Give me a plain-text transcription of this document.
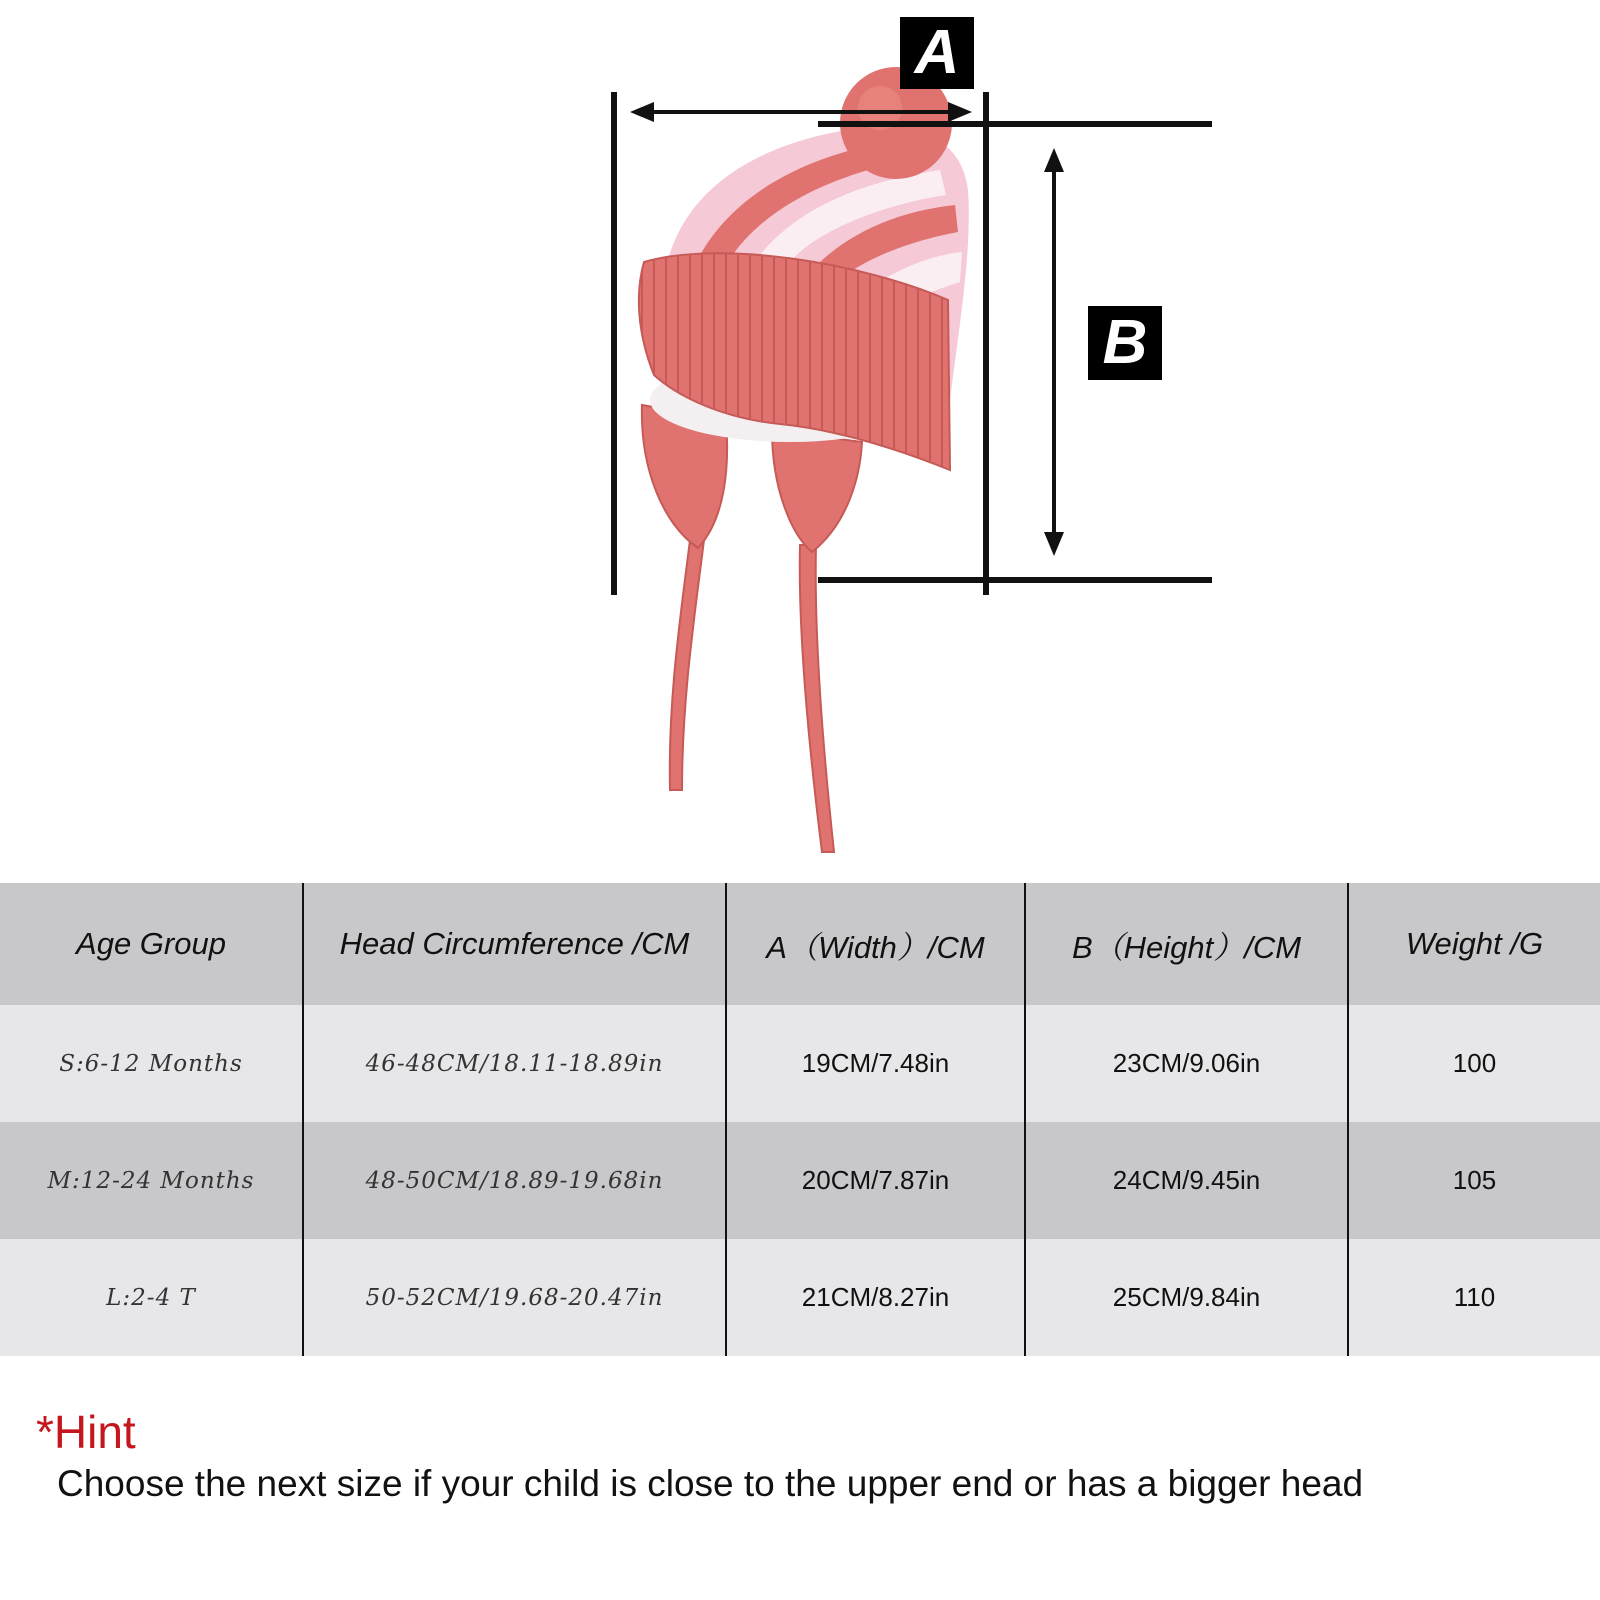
A
B
Age Group	Head Circumference /CM	A（Width）/CM	B（Height）/CM	Weight /G
S:6-12 Months	46-48CM/18.11-18.89in	19CM/7.48in	23CM/9.06in	100
M:12-24 Months	48-50CM/18.89-19.68in	20CM/7.87in	24CM/9.45in	105
L:2-4 T	50-52CM/19.68-20.47in	21CM/8.27in	25CM/9.84in	110
*Hint
Choose the next size if your child is close to the upper end or has a bigger head
